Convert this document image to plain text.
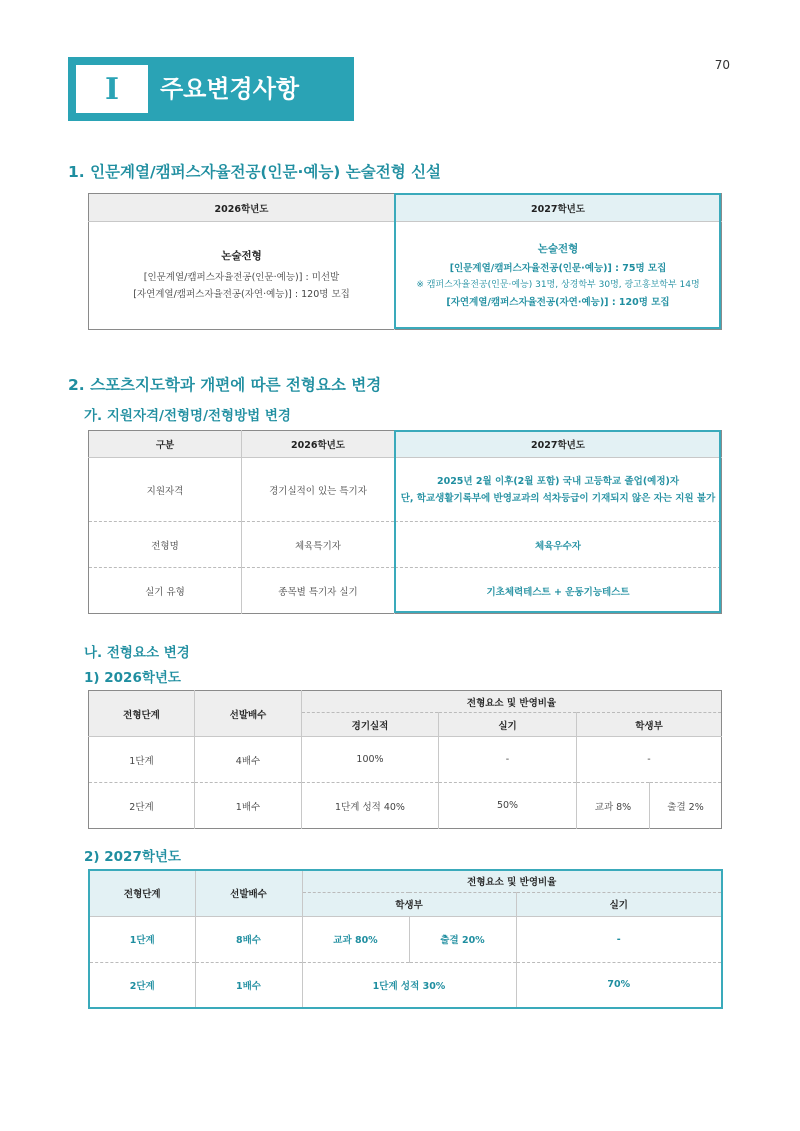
70
I	주요변경사항
1. 인문계열/캠퍼스자율전공(인문·예능) 논술전형 신설
2026학년도	2027학년도

논술전형
[인문계열/캠퍼스자율전공(인문·예능)] : 미선발
[자연계열/캠퍼스자율전공(자연·예능)] : 120명 모집	논술전형
[인문계열/캠퍼스자율전공(인문·예능)] : 75명 모집
※ 캠퍼스자율전공(인문·예능) 31명, 상경학부 30명, 광고홍보학부 14명
[자연계열/캠퍼스자율전공(자연·예능)] : 120명 모집
2. 스포츠지도학과 개편에 따른 전형요소 변경
가. 지원자격/전형명/전형방법 변경
구분	2026학년도	2027학년도
지원자격	경기실적이 있는 특기자	2025년 2월 이후(2월 포함) 국내 고등학교 졸업(예정)자
단, 학교생활기록부에 반영교과의 석차등급이 기재되지 않은 자는 지원 불가

전형명	체육특기자	체육우수자
실기 유형	종목별 특기자 실기	기초체력테스트 + 운동기능테스트
나. 전형요소 변경
1) 2026학년도
전형단계	선발배수	전형요소 및 반영비율			
		경기실적	실기	학생부	
1단계	4배수	100%	-	-	
2단계	1배수	1단계 성적 40%	50%	교과 8%	출결 2%
2) 2027학년도
전형단계	선발배수	전형요소 및 반영비율		
		학생부		실기
1단계	8배수	교과 80%	출결 20%	-
2단계	1배수	1단계 성적 30%		70%
